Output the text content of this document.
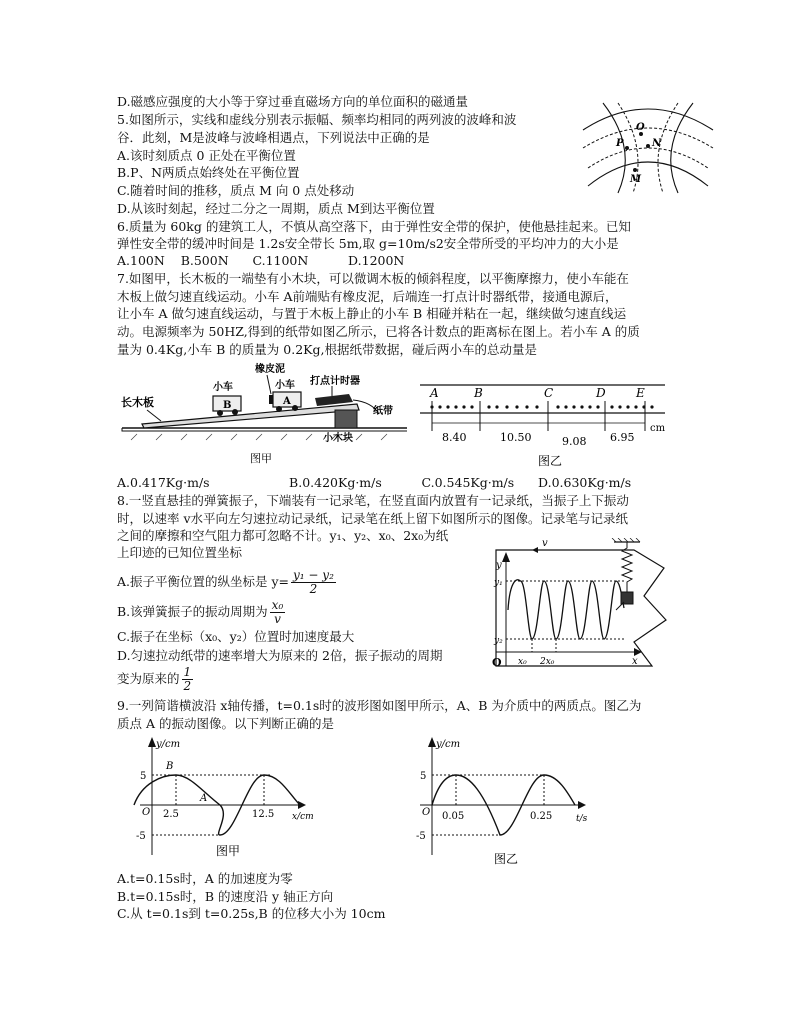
D.磁感应强度的大小等于穿过垂直磁场方向的单位面积的磁通量
5.如图所示，实线和虚线分别表示振幅、频率均相同的两列波的波峰和波
谷．此刻，M是波峰与波峰相遇点，下列说法中正确的是
A.该时刻质点 0 正处在平衡位置
B.P、N两质点始终处在平衡位置
C.随着时间的推移，质点 M 向 0 点处移动
D.从该时刻起，经过二分之一周期，质点 M到达平衡位置
6.质量为 60kg 的建筑工人，不慎从高空落下，由于弹性安全带的保护，使他悬挂起来。已知
弹性安全带的缓冲时间是 1.2s安全带长 5m,取 g=10m/s2安全带所受的平均冲力的大小是
A.100N    B.500N      C.1100N          D.1200N
7.如图甲，长木板的一端垫有小木块，可以微调木板的倾斜程度，以平衡摩擦力，使小车能在
木板上做匀速直线运动。小车 A前端贴有橡皮泥，后端连一打点计时器纸带，接通电源后，
让小车 A 做匀速直线运动，与置于木板上静止的小车 B 相碰并粘在一起，继续做匀速直线运
动。电源频率为 50HZ,得到的纸带如图乙所示，已将各计数点的距离标在图上。若小车 A 的质
量为 0.4Kg,小车 B 的质量为 0.2Kg,根据纸带数据，碰后两小车的总动量是
O
P	N
M
长木板	B
小车
A
小车
橡皮泥
打点计时器
纸带
小木块
图甲
A	B	C	D	E
8.40	10.50	9.08 6.95
cm
图乙
A.0.417Kg·m/s                    B.0.420Kg·m/s          C.0.545Kg·m/s      D.0.630Kg·m/s
8.一竖直悬挂的弹簧振子，下端装有一记录笔，在竖直面内放置有一记录纸，当振子上下振动
时，以速率 v水平向左匀速拉动记录纸，记录笔在纸上留下如图所示的图像。记录笔与记录纸
之间的摩擦和空气阻力都可忽略不计。y₁、y₂、x₀、2x₀为纸
上印迹的已知位置坐标
A.振子平衡位置的纵坐标是 $y= \frac{\text{y₁ − y₂}}{2}$
B.该弹簧振子的振动周期为 $\frac{\text{x₀}}{v}$
C.振子在坐标（x₀、y₂）位置时加速度最大
D.匀速拉动纸带的速率增大为原来的 2倍，振子振动的周期
变为原来的 $\frac{1}{2}$
y
x
O
y₁
y₂
x₀ 2x₀
v
9.一列简谐横波沿 x轴传播，t=0.1s时的波形图如图甲所示，A、B 为介质中的两质点。图乙为
质点 A 的振动图像。以下判断正确的是
y/cm
x/cm
O
5
-5
2.5	12.5
B
A
图甲
y/cm
t/s
O
5
-5
0.05	0.25
图乙
A.t=0.15s时，A 的加速度为零
B.t=0.15s时，B 的速度沿 y 轴正方向
C.从 t=0.1s到 t=0.25s,B 的位移大小为 10cm
